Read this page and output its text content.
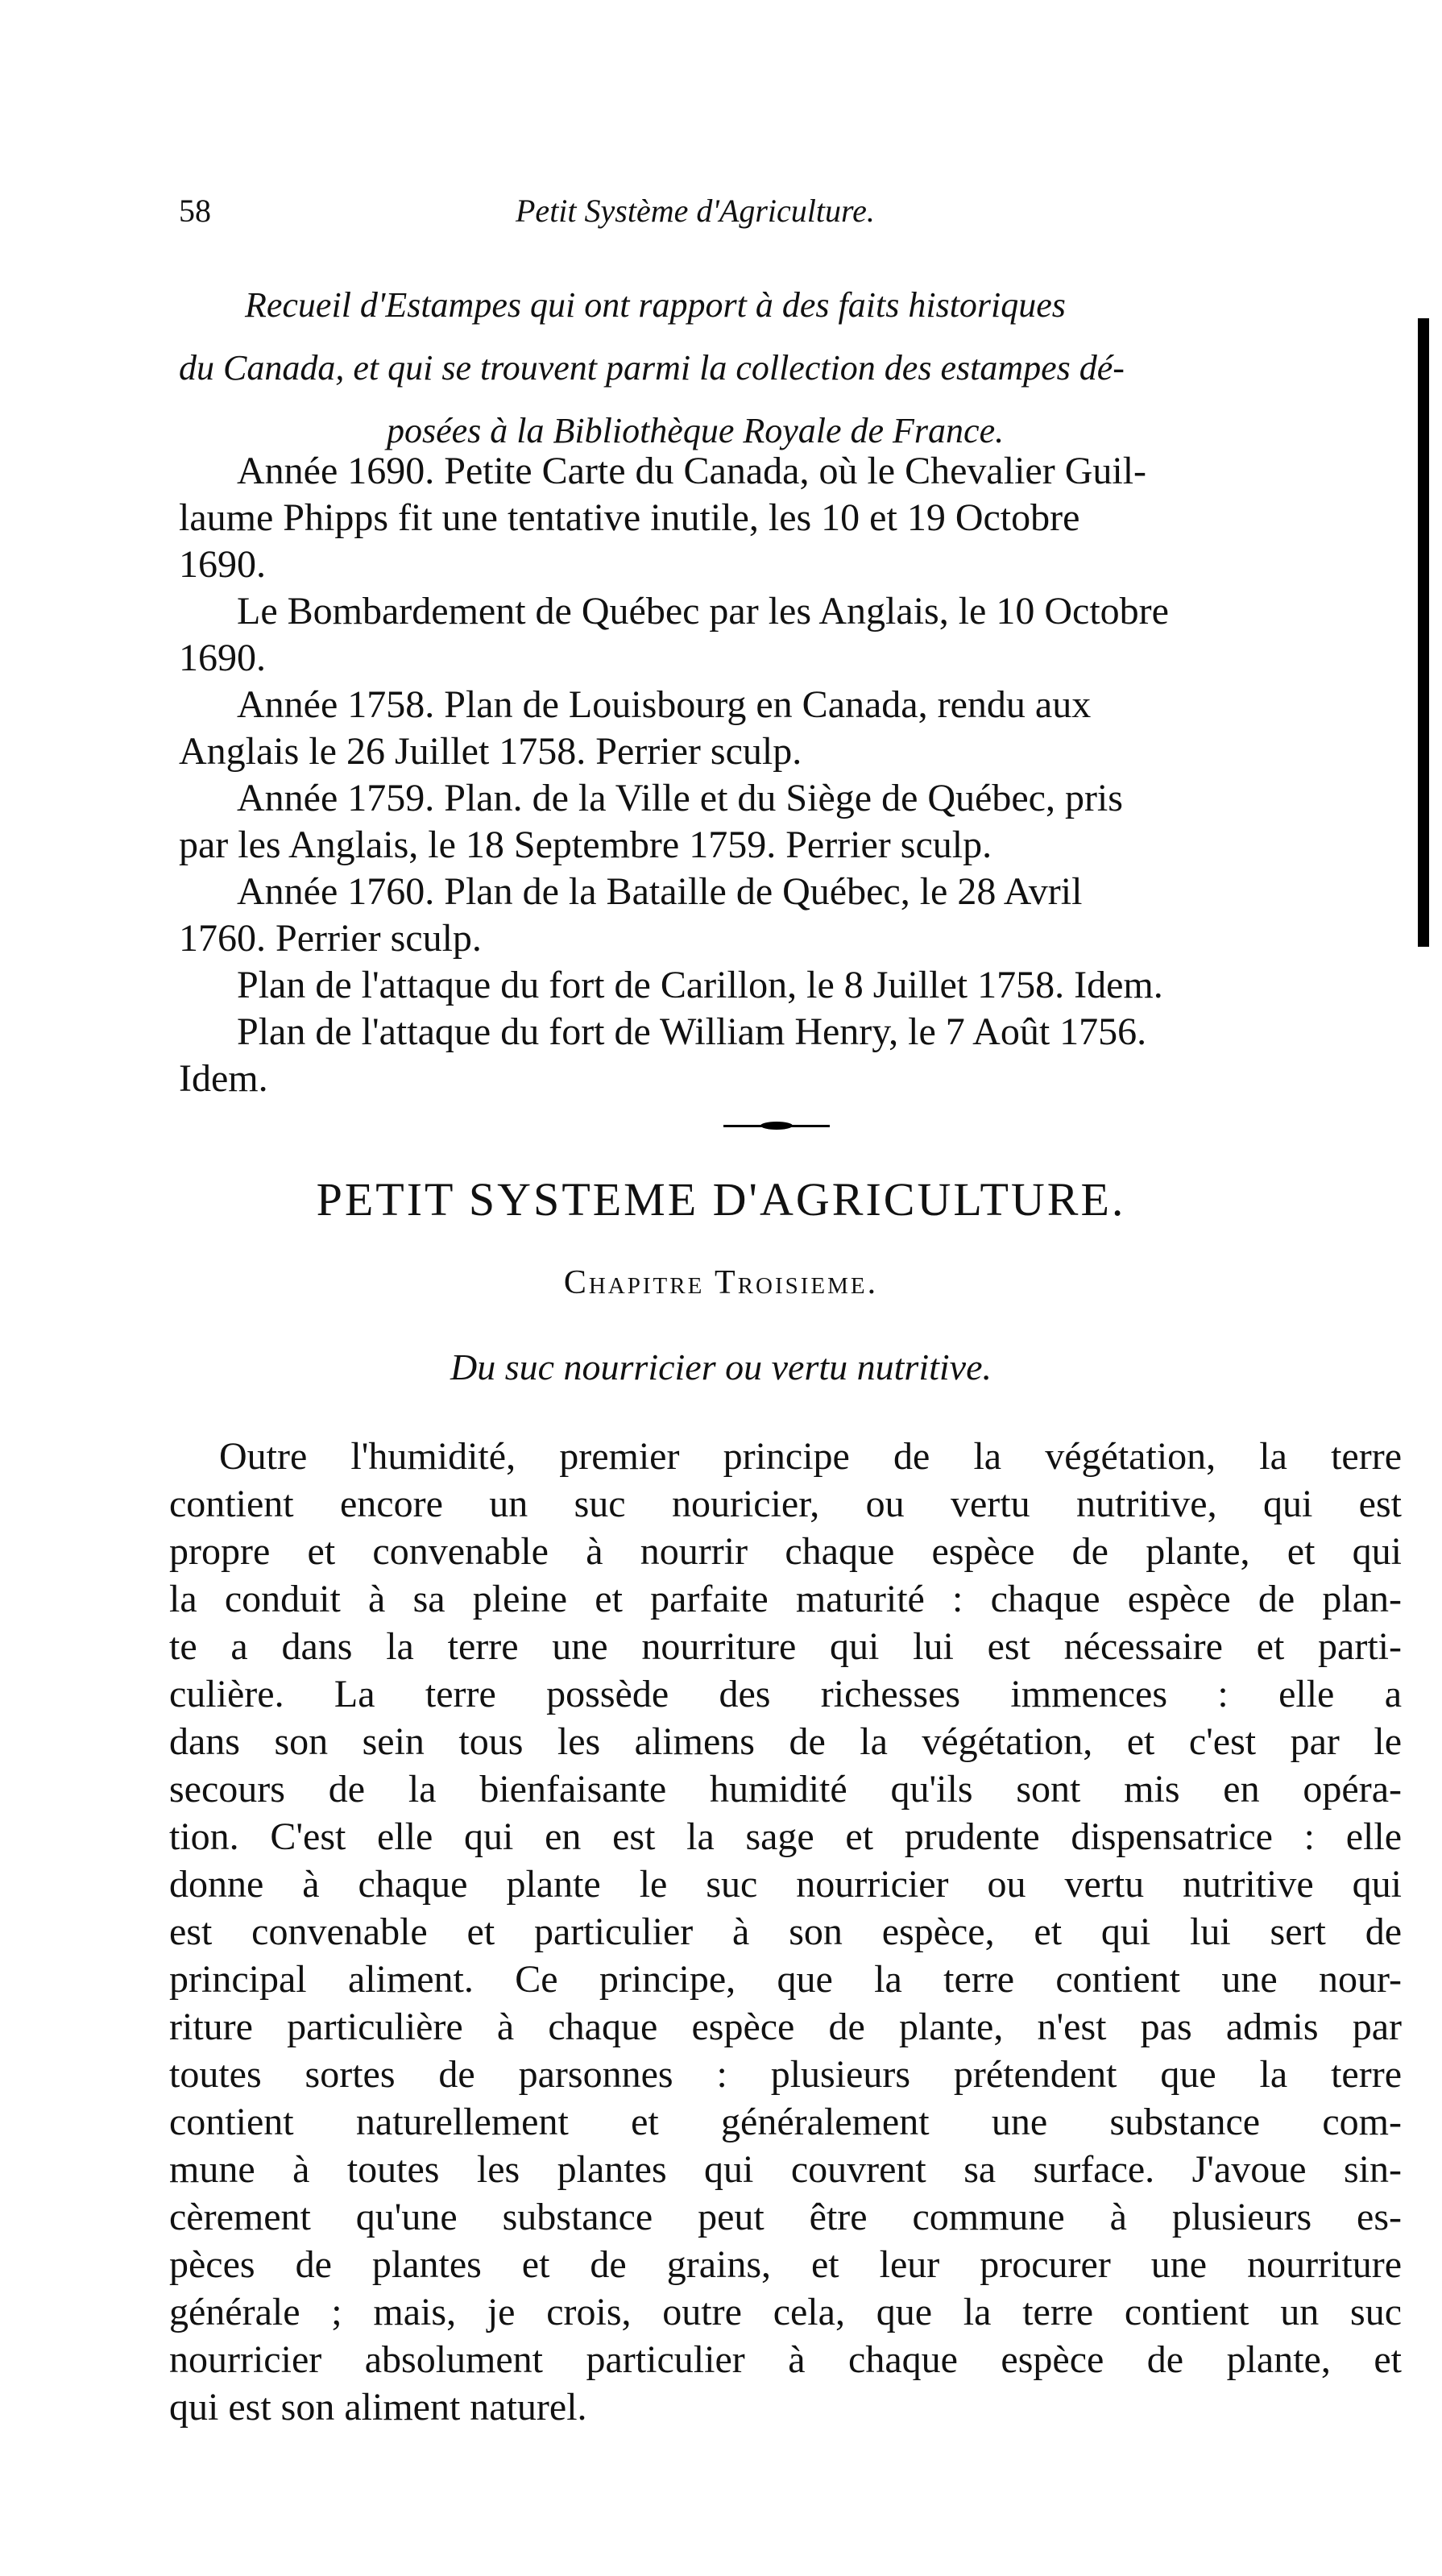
58	Petit Système d'Agriculture.
Recueil d'Estampes qui ont rapport à des faits historiques
du Canada, et qui se trouvent parmi la collection des estampes dé-
posées à la Bibliothèque Royale de France.
Année 1690. Petite Carte du Canada, où le Chevalier Guil-
laume Phipps fit une tentative inutile, les 10 et 19 Octobre
1690.
Le Bombardement de Québec par les Anglais, le 10 Octobre
1690.
Année 1758. Plan de Louisbourg en Canada, rendu aux
Anglais le 26 Juillet 1758. Perrier sculp.
Année 1759. Plan. de la Ville et du Siège de Québec, pris
par les Anglais, le 18 Septembre 1759. Perrier sculp.
Année 1760. Plan de la Bataille de Québec, le 28 Avril
1760. Perrier sculp.
Plan de l'attaque du fort de Carillon, le 8 Juillet 1758. Idem.
Plan de l'attaque du fort de William Henry, le 7 Août 1756.
Idem.
PETIT SYSTEME D'AGRICULTURE.
Chapitre Troisieme.
Du suc nourricier ou vertu nutritive.
Outre l'humidité, premier principe de la végétation, la terre
contient encore un suc nouricier, ou vertu nutritive, qui est
propre et convenable à nourrir chaque espèce de plante, et qui
la conduit à sa pleine et parfaite maturité : chaque espèce de plan-
te a dans la terre une nourriture qui lui est nécessaire et parti-
culière. La terre possède des richesses immences : elle a
dans son sein tous les alimens de la végétation, et c'est par le
secours de la bienfaisante humidité qu'ils sont mis en opéra-
tion. C'est elle qui en est la sage et prudente dispensatrice : elle
donne à chaque plante le suc nourricier ou vertu nutritive qui
est convenable et particulier à son espèce, et qui lui sert de
principal aliment. Ce principe, que la terre contient une nour-
riture particulière à chaque espèce de plante, n'est pas admis par
toutes sortes de parsonnes : plusieurs prétendent que la terre
contient naturellement et généralement une substance com-
mune à toutes les plantes qui couvrent sa surface. J'avoue sin-
cèrement qu'une substance peut être commune à plusieurs es-
pèces de plantes et de grains, et leur procurer une nourriture
générale ; mais, je crois, outre cela, que la terre contient un suc
nourricier absolument particulier à chaque espèce de plante, et
qui est son aliment naturel.
